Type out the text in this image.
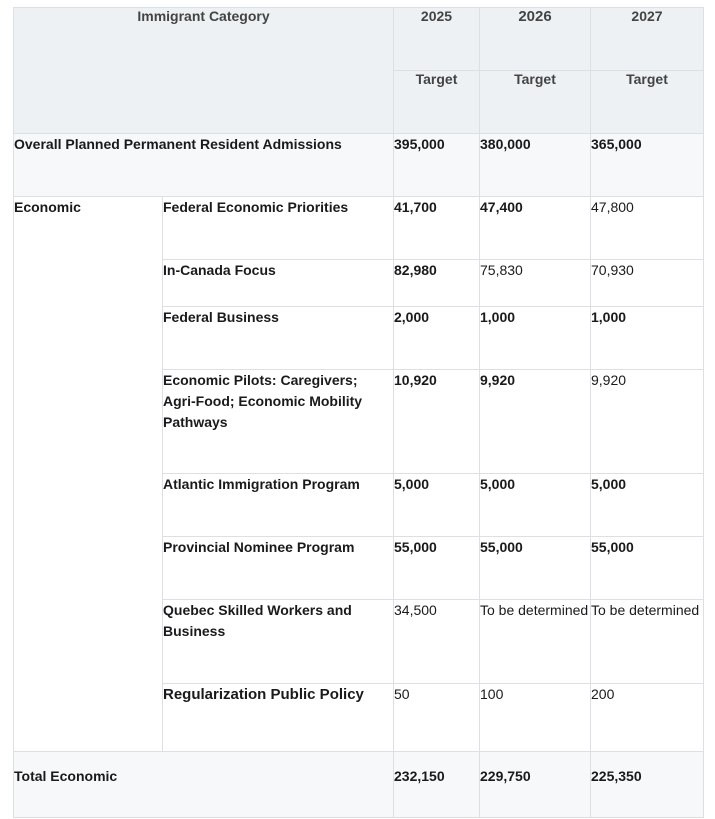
Immigrant Category		2025	2026	2027
		Target	Target	Target
Overall Planned Permanent Resident Admissions		395,000	380,000	365,000
Economic	Federal Economic Priorities	41,700	47,400	47,800
	In-Canada Focus	82,980	75,830	70,930
	Federal Business	2,000	1,000	1,000
	Economic Pilots: Caregivers; Agri-Food; Economic Mobility Pathways	10,920	9,920	9,920
	Atlantic Immigration Program	5,000	5,000	5,000
	Provincial Nominee Program	55,000	55,000	55,000
	Quebec Skilled Workers and Business	34,500	To be determined	To be determined
	Regularization Public Policy	50	100	200
Total Economic		232,150	229,750	225,350
